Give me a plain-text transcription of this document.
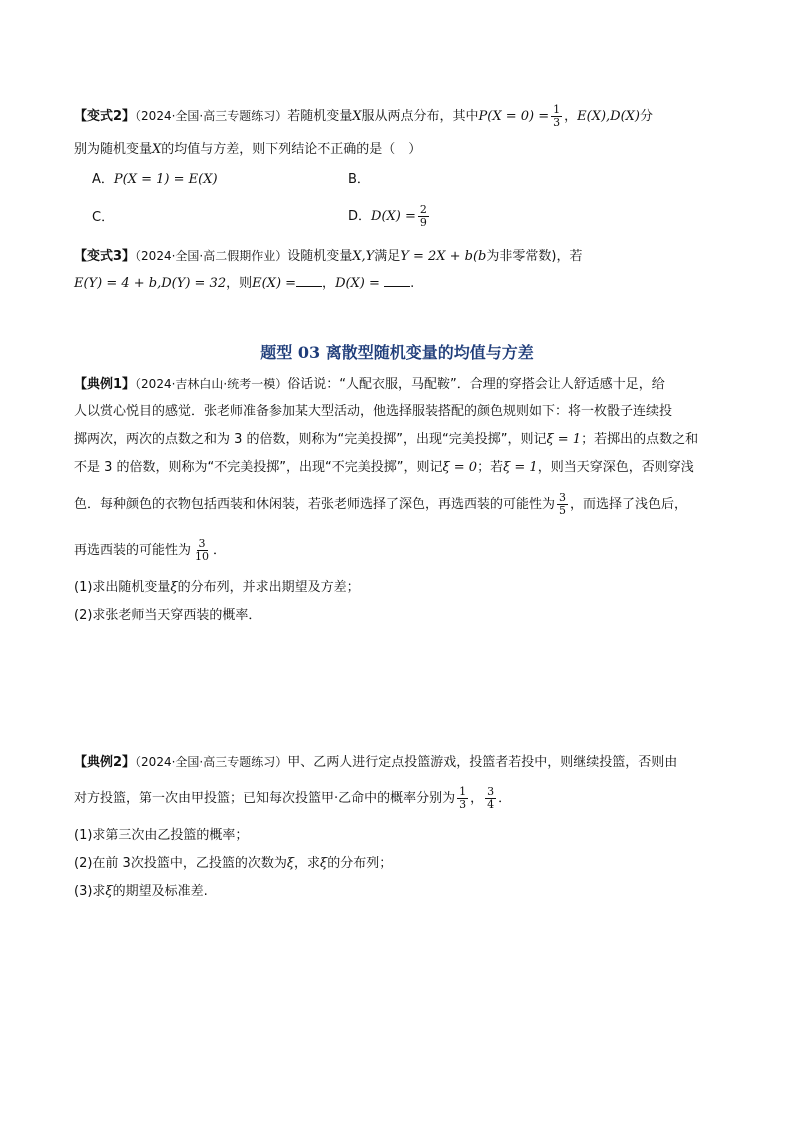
【变式2】（2024·全国·高三专题练习）若随机变量X服从两点分布，其中$P(X = 0) = \frac{1}{3}$ ，E(X),D(X)分
别为随机变量X的均值与方差，则下列结论不正确的是（　）
A．P(X = 1) = E(X)	B．
C．	D．$D(X) = \frac{2}{9}$
【变式3】（2024·全国·高二假期作业）设随机变量X,Y满足Y = 2X + b(b为非零常数)，若
E(Y) = 4 + b,D(Y) = 32，则E(X) = ，D(X) = .
题型 03 离散型随机变量的均值与方差
【典例1】（2024·吉林白山·统考一模）俗话说：“人配衣服，马配鞍”．合理的穿搭会让人舒适感十足，给
人以赏心悦目的感觉．张老师准备参加某大型活动，他选择服装搭配的颜色规则如下：将一枚骰子连续投
掷两次，两次的点数之和为 3 的倍数，则称为“完美投掷”，出现“完美投掷”，则记ξ = 1；若掷出的点数之和
不是 3 的倍数，则称为“不完美投掷”，出现“不完美投掷”，则记ξ = 0；若ξ = 1，则当天穿深色，否则穿浅
色．每种颜色的衣物包括西装和休闲装，若张老师选择了深色，再选西装的可能性为 $\frac{3}{5}$ ，而选择了浅色后，
再选西装的可能性为 $\frac{3}{10}$ ．
(1)求出随机变量ξ的分布列，并求出期望及方差；
(2)求张老师当天穿西装的概率．
【典例2】（2024·全国·高三专题练习）甲、乙两人进行定点投篮游戏，投篮者若投中，则继续投篮，否则由
对方投篮，第一次由甲投篮；已知每次投篮甲·乙命中的概率分别为 $\frac{1}{3}$ ， $\frac{3}{4}$ ．
(1)求第三次由乙投篮的概率；
(2)在前 3次投篮中，乙投篮的次数为ξ，求ξ的分布列；
(3)求ξ的期望及标准差.
